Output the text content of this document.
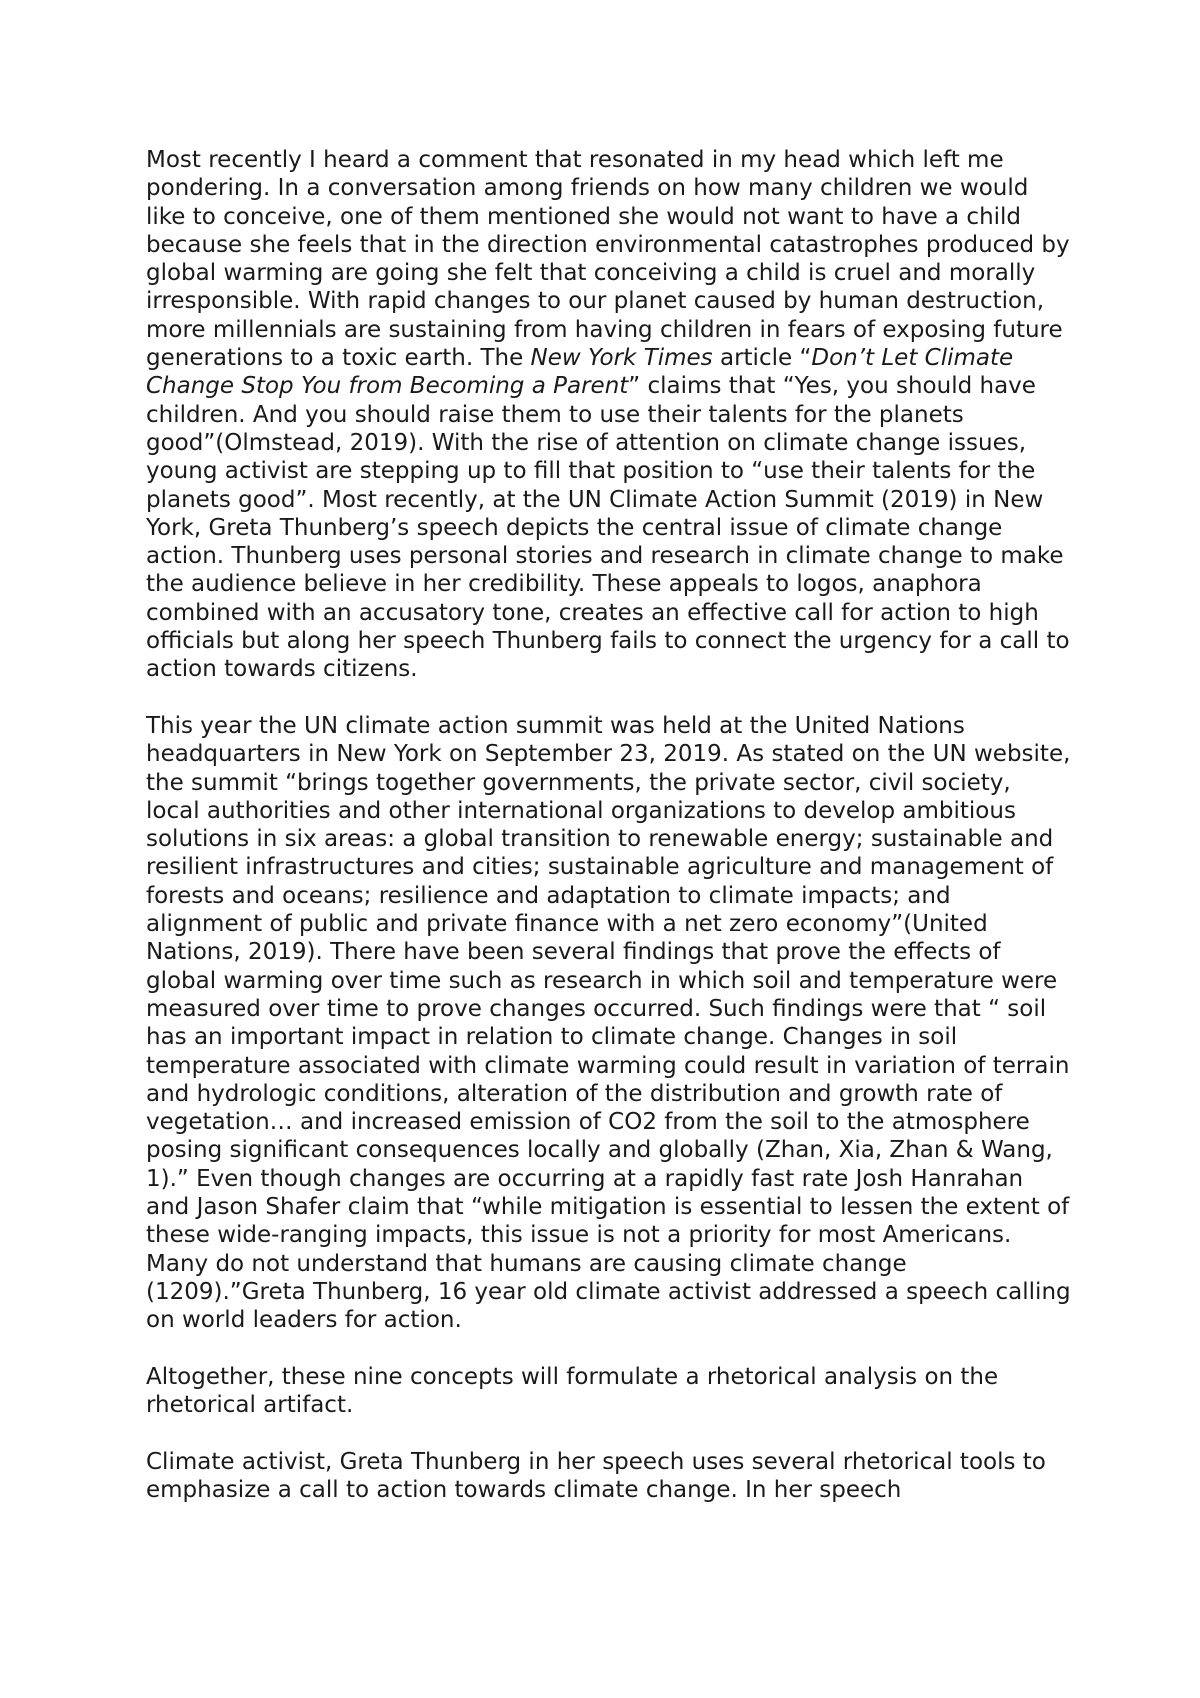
Most recently I heard a comment that resonated in my head which left me pondering. In a conversation among friends on how many children we would like to conceive, one of them mentioned she would not want to have a child because she feels that in the direction environmental catastrophes produced by global warming are going she felt that conceiving a child is cruel and morally irresponsible. With rapid changes to our planet caused by human destruction, more millennials are sustaining from having children in fears of exposing future generations to a toxic earth. The New York Times article “Don’t Let Climate Change Stop You from Becoming a Parent” claims that “Yes, you should have children. And you should raise them to use their talents for the planets good”(Olmstead, 2019). With the rise of attention on climate change issues, young activist are stepping up to fill that position to “use their talents for the planets good”. Most recently, at the UN Climate Action Summit (2019) in New York, Greta Thunberg’s speech depicts the central issue of climate change action. Thunberg uses personal stories and research in climate change to make the audience believe in her credibility. These appeals to logos, anaphora combined with an accusatory tone, creates an effective call for action to high officials but along her speech Thunberg fails to connect the urgency for a call to action towards citizens.

This year the UN climate action summit was held at the United Nations headquarters in New York on September 23, 2019. As stated on the UN website, the summit “brings together governments, the private sector, civil society, local authorities and other international organizations to develop ambitious solutions in six areas: a global transition to renewable energy; sustainable and resilient infrastructures and cities; sustainable agriculture and management of forests and oceans; resilience and adaptation to climate impacts; and alignment of public and private finance with a net zero economy”(United Nations, 2019). There have been several findings that prove the effects of global warming over time such as research in which soil and temperature were measured over time to prove changes occurred. Such findings were that “ soil has an important impact in relation to climate change. Changes in soil temperature associated with climate warming could result in variation of terrain and hydrologic conditions, alteration of the distribution and growth rate of vegetation… and increased emission of CO2 from the soil to the atmosphere posing significant consequences locally and globally (Zhan, Xia, Zhan & Wang, 1).” Even though changes are occurring at a rapidly fast rate Josh Hanrahan and Jason Shafer claim that “while mitigation is essential to lessen the extent of these wide-ranging impacts, this issue is not a priority for most Americans. Many do not understand that humans are causing climate change (1209).”Greta Thunberg, 16 year old climate activist addressed a speech calling on world leaders for action.

Altogether, these nine concepts will formulate a rhetorical analysis on the rhetorical artifact.

Climate activist, Greta Thunberg in her speech uses several rhetorical tools to emphasize a call to action towards climate change. In her speech
